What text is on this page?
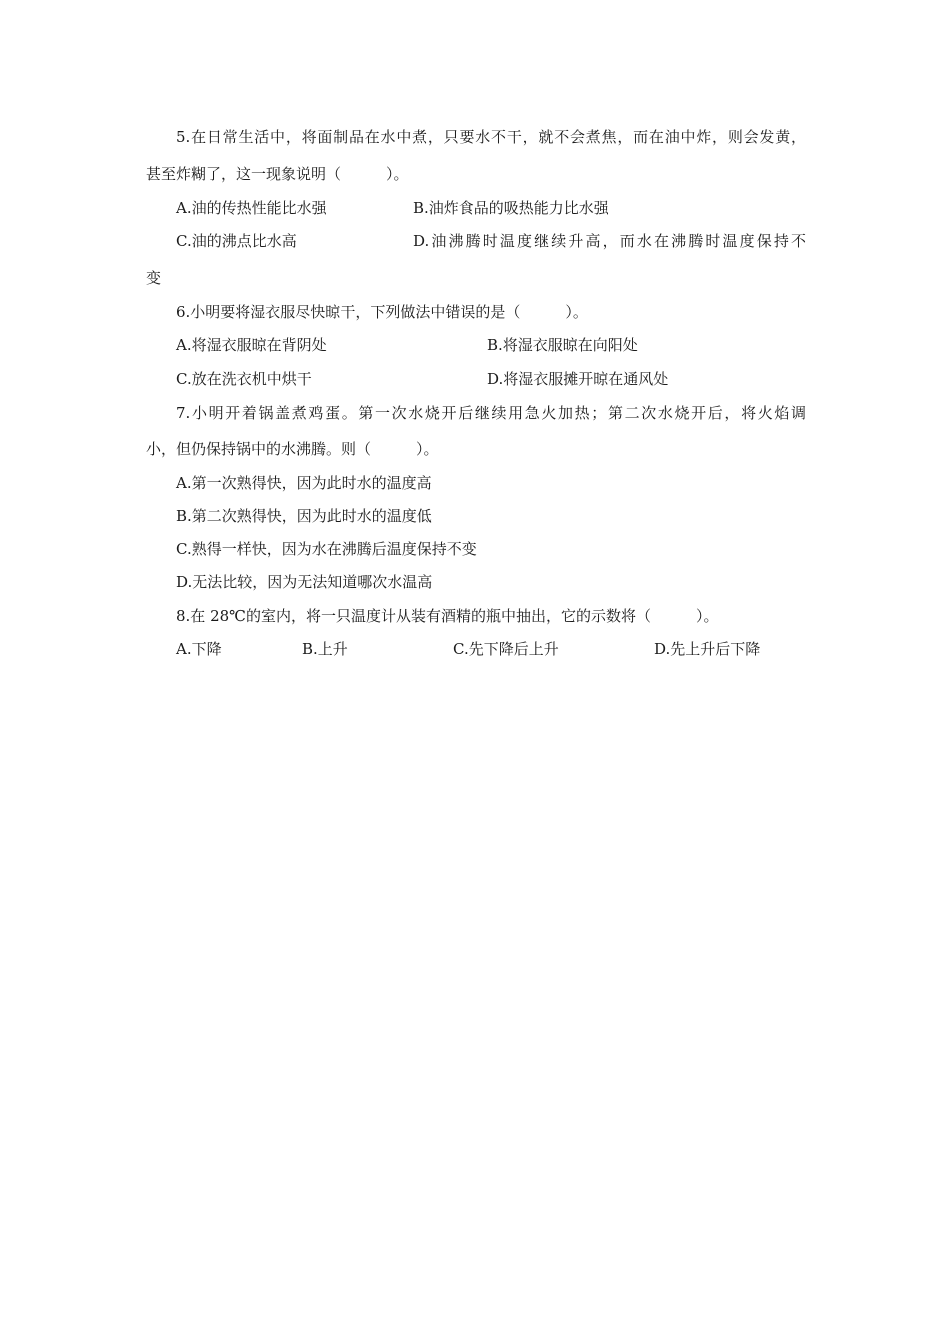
5.在日常生活中，将面制品在水中煮，只要水不干，就不会煮焦，而在油中炸，则会发黄，
甚至炸糊了，这一现象说明（　　　）。
A.油的传热性能比水强	B.油炸食品的吸热能力比水强
C.油的沸点比水高	D.油沸腾时温度继续升高，而水在沸腾时温度保持不
变
6.小明要将湿衣服尽快晾干，下列做法中错误的是（　　　）。
A.将湿衣服晾在背阴处	B.将湿衣服晾在向阳处
C.放在洗衣机中烘干	D.将湿衣服摊开晾在通风处
7.小明开着锅盖煮鸡蛋。第一次水烧开后继续用急火加热；第二次水烧开后，将火焰调
小，但仍保持锅中的水沸腾。则（　　　）。
A.第一次熟得快，因为此时水的温度高
B.第二次熟得快，因为此时水的温度低
C.熟得一样快，因为水在沸腾后温度保持不变
D.无法比较，因为无法知道哪次水温高
8.在 28℃的室内，将一只温度计从装有酒精的瓶中抽出，它的示数将（　　　）。
A.下降	B.上升	C.先下降后上升	D.先上升后下降
